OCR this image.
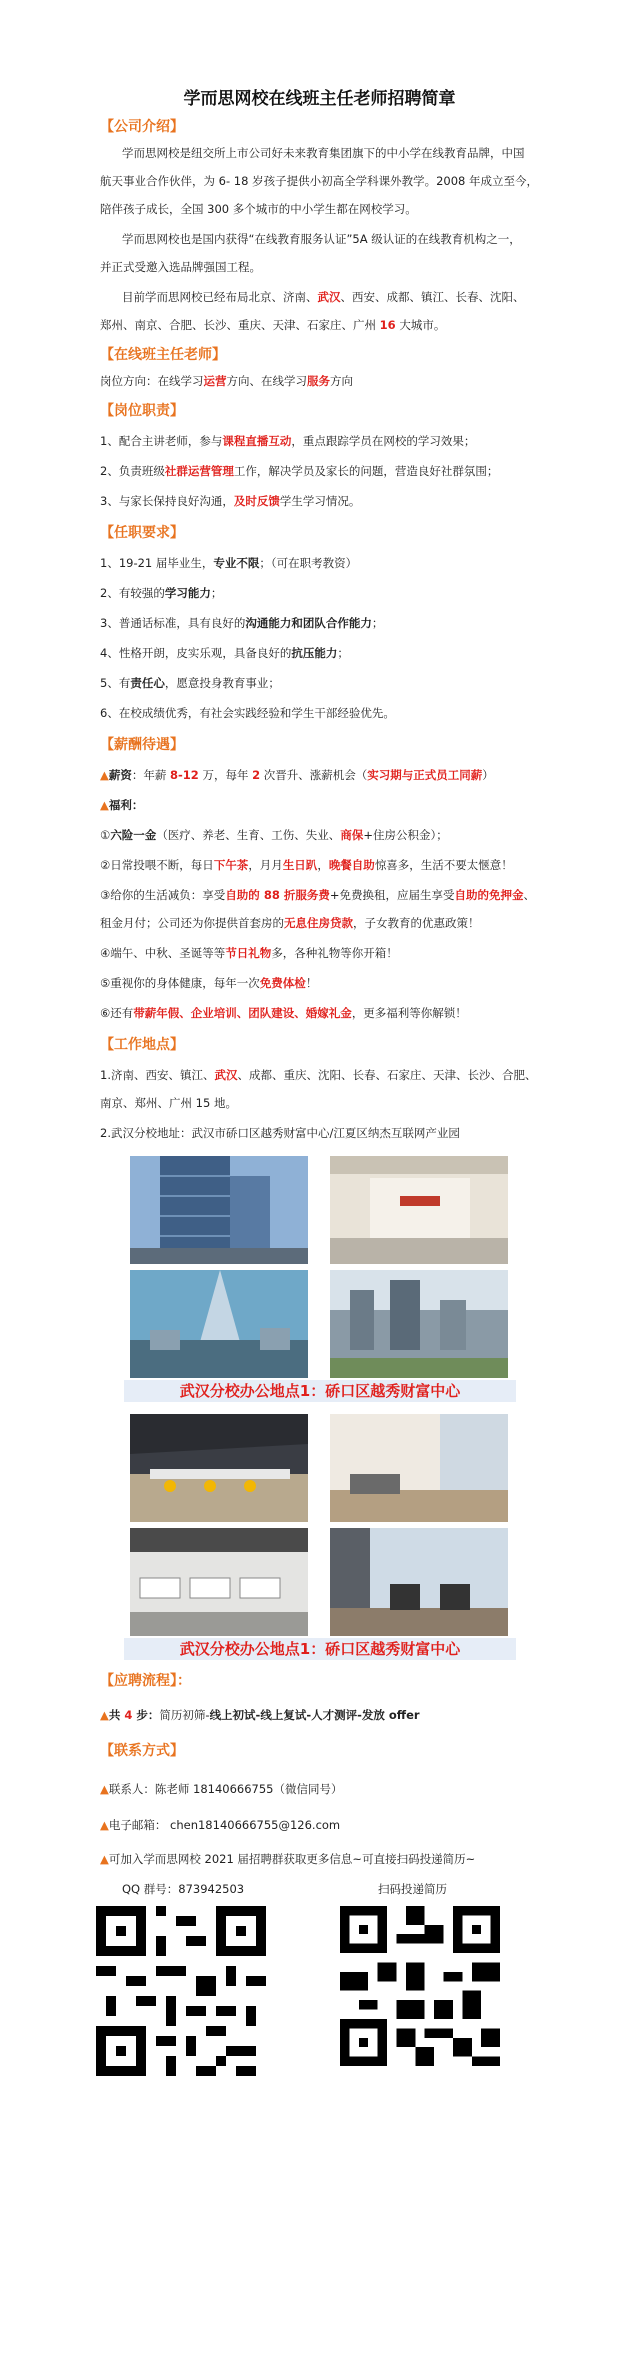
学而思网校在线班主任老师招聘简章
【公司介绍】
学而思网校是纽交所上市公司好未来教育集团旗下的中小学在线教育品牌，中国
航天事业合作伙伴，为 6- 18 岁孩子提供小初高全学科课外教学。2008 年成立至今，
陪伴孩子成长，全国 300 多个城市的中小学生都在网校学习。
学而思网校也是国内获得“在线教育服务认证”5A 级认证的在线教育机构之一，
并正式受邀入选品牌强国工程。
目前学而思网校已经布局北京、济南、武汉、西安、成都、镇江、长春、沈阳、
郑州、南京、合肥、长沙、重庆、天津、石家庄、广州 16 大城市。
【在线班主任老师】
岗位方向：在线学习运营方向、在线学习服务方向
【岗位职责】
1、配合主讲老师，参与课程直播互动，重点跟踪学员在网校的学习效果；
2、负责班级社群运营管理工作，解决学员及家长的问题，营造良好社群氛围；
3、与家长保持良好沟通，及时反馈学生学习情况。
【任职要求】
1、19-21 届毕业生，专业不限；（可在职考教资）
2、有较强的学习能力；
3、普通话标准，具有良好的沟通能力和团队合作能力；
4、性格开朗，皮实乐观，具备良好的抗压能力；
5、有责任心，愿意投身教育事业；
6、在校成绩优秀，有社会实践经验和学生干部经验优先。
【薪酬待遇】
▲薪资：年薪 8-12 万，每年 2 次晋升、涨薪机会（实习期与正式员工同薪）
▲福利：
①六险一金（医疗、养老、生育、工伤、失业、商保+住房公积金）；
②日常投喂不断，每日下午茶，月月生日趴，晚餐自助惊喜多，生活不要太惬意！
③给你的生活减负：享受自助的 88 折服务费+免费换租，应届生享受自助的免押金、
租金月付；公司还为你提供首套房的无息住房贷款，子女教育的优惠政策！
④端午、中秋、圣诞等等节日礼物多，各种礼物等你开箱！
⑤重视你的身体健康，每年一次免费体检！
⑥还有带薪年假、企业培训、团队建设、婚嫁礼金，更多福利等你解锁！
【工作地点】
1.济南、西安、镇江、武汉、成都、重庆、沈阳、长春、石家庄、天津、长沙、合肥、
南京、郑州、广州 15 地。
2.武汉分校地址：武汉市硚口区越秀财富中心/江夏区纳杰互联网产业园
武汉分校办公地点1：硚口区越秀财富中心
武汉分校办公地点1：硚口区越秀财富中心
【应聘流程】：
▲共 4 步：简历初筛-线上初试-线上复试-人才测评-发放 offer
【联系方式】
▲联系人：陈老师 18140666755（微信同号）
▲电子邮箱： chen18140666755@126.com
▲可加入学而思网校 2021 届招聘群获取更多信息~可直接扫码投递简历~
QQ 群号：873942503	扫码投递简历
